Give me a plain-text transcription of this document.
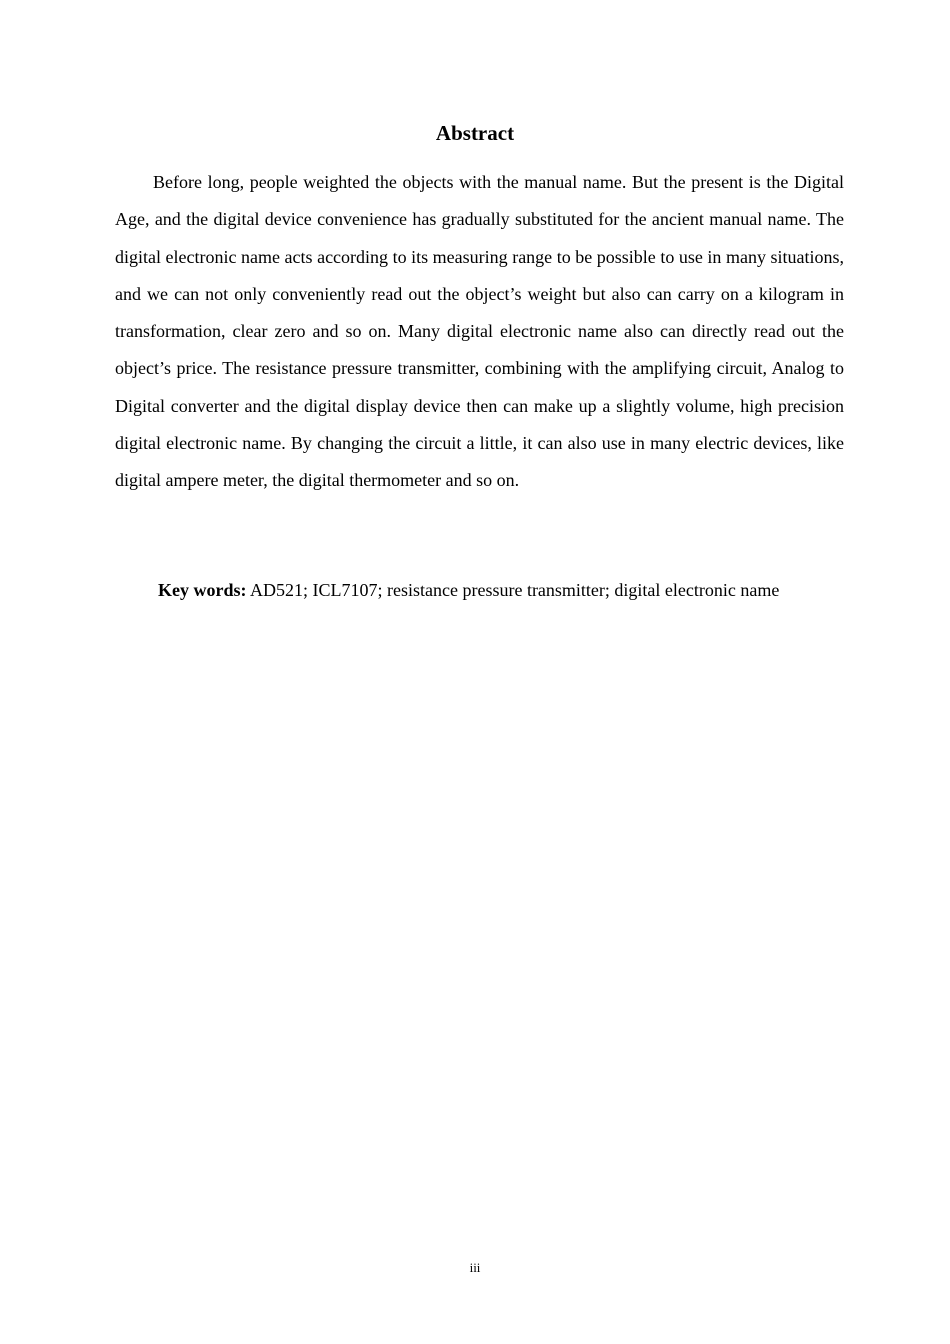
Abstract

Before long, people weighted the objects with the manual name. But the present is the Digital Age, and the digital device convenience has gradually substituted for the ancient manual name. The digital electronic name acts according to its measuring range to be possible to use in many situations, and we can not only conveniently read out the object’s weight but also can carry on a kilogram in transformation, clear zero and so on. Many digital electronic name also can directly read out the object’s price. The resistance pressure transmitter, combining with the amplifying circuit, Analog to Digital converter and the digital display device then can make up a slightly volume, high precision digital electronic name. By changing the circuit a little, it can also use in many electric devices, like digital ampere meter, the digital thermometer and so on.

Key words: AD521; ICL7107; resistance pressure transmitter; digital electronic name

iii
